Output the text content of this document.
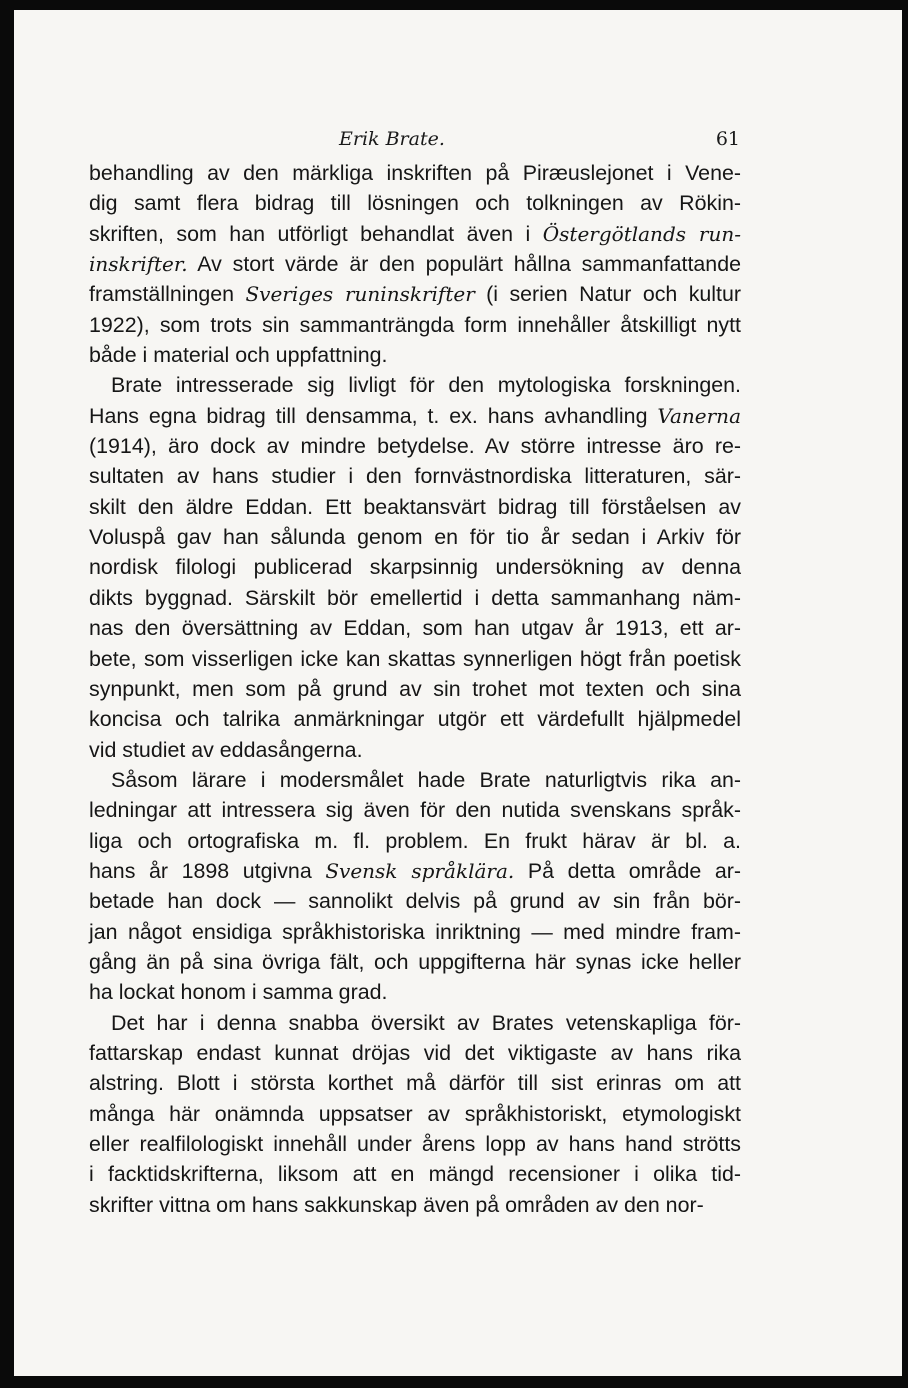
Erik Brate.	61
behandling av den märkliga inskriften på Piræuslejonet i Vene-
dig samt flera bidrag till lösningen och tolkningen av Rökin-
skriften, som han utförligt behandlat även i Östergötlands run-
inskrifter. Av stort värde är den populärt hållna sammanfattande
framställningen Sveriges runinskrifter (i serien Natur och kultur
1922), som trots sin sammanträngda form innehåller åtskilligt nytt
både i material och uppfattning.
Brate intresserade sig livligt för den mytologiska forskningen.
Hans egna bidrag till densamma, t. ex. hans avhandling Vanerna
(1914), äro dock av mindre betydelse. Av större intresse äro re-
sultaten av hans studier i den fornvästnordiska litteraturen, sär-
skilt den äldre Eddan. Ett beaktansvärt bidrag till förståelsen av
Voluspå gav han sålunda genom en för tio år sedan i Arkiv för
nordisk filologi publicerad skarpsinnig undersökning av denna
dikts byggnad. Särskilt bör emellertid i detta sammanhang näm-
nas den översättning av Eddan, som han utgav år 1913, ett ar-
bete, som visserligen icke kan skattas synnerligen högt från poetisk
synpunkt, men som på grund av sin trohet mot texten och sina
koncisa och talrika anmärkningar utgör ett värdefullt hjälpmedel
vid studiet av eddasångerna.
Såsom lärare i modersmålet hade Brate naturligtvis rika an-
ledningar att intressera sig även för den nutida svenskans språk-
liga och ortografiska m. fl. problem. En frukt härav är bl. a.
hans år 1898 utgivna Svensk språklära. På detta område ar-
betade han dock — sannolikt delvis på grund av sin från bör-
jan något ensidiga språkhistoriska inriktning — med mindre fram-
gång än på sina övriga fält, och uppgifterna här synas icke heller
ha lockat honom i samma grad.
Det har i denna snabba översikt av Brates vetenskapliga för-
fattarskap endast kunnat dröjas vid det viktigaste av hans rika
alstring. Blott i största korthet må därför till sist erinras om att
många här onämnda uppsatser av språkhistoriskt, etymologiskt
eller realfilologiskt innehåll under årens lopp av hans hand strötts
i facktidskrifterna, liksom att en mängd recensioner i olika tid-
skrifter vittna om hans sakkunskap även på områden av den nor-
